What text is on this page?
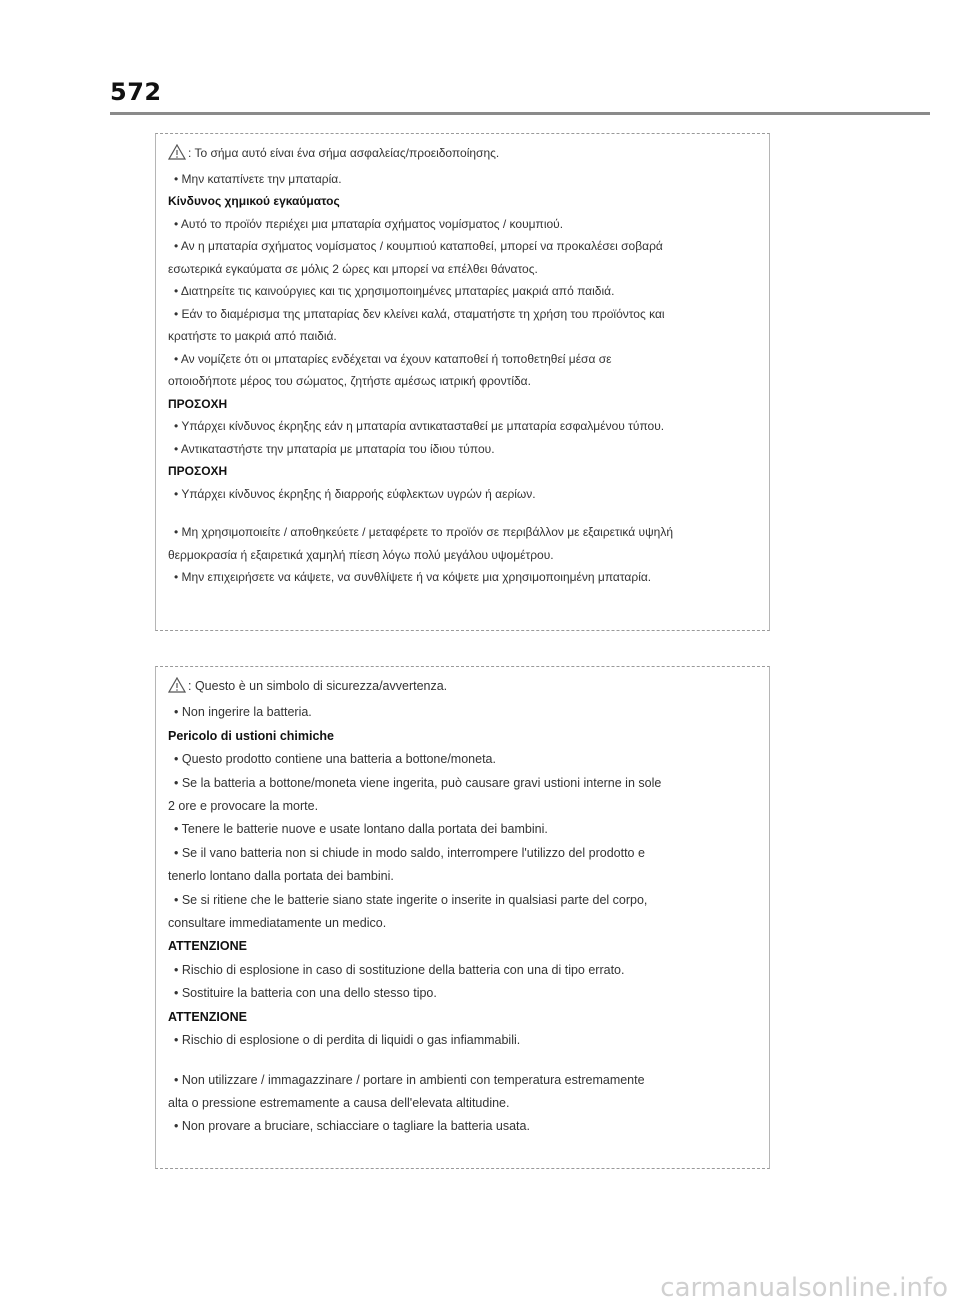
572
: Το σήμα αυτό είναι ένα σήμα ασφαλείας/προειδοποίησης.
• Μην καταπίνετε την μπαταρία.
Κίνδυνος χημικού εγκαύματος
• Αυτό το προϊόν περιέχει μια μπαταρία σχήματος νομίσματος / κουμπιού.
• Αν η μπαταρία σχήματος νομίσματος / κουμπιού καταποθεί, μπορεί να προκαλέσει σοβαρά
εσωτερικά εγκαύματα σε μόλις 2 ώρες και μπορεί να επέλθει θάνατος.
• Διατηρείτε τις καινούργιες και τις χρησιμοποιημένες μπαταρίες μακριά από παιδιά.
• Εάν το διαμέρισμα της μπαταρίας δεν κλείνει καλά, σταματήστε τη χρήση του προϊόντος και
κρατήστε το μακριά από παιδιά.
• Αν νομίζετε ότι οι μπαταρίες ενδέχεται να έχουν καταποθεί ή τοποθετηθεί μέσα σε
οποιοδήποτε μέρος του σώματος, ζητήστε αμέσως ιατρική φροντίδα.
ΠΡΟΣΟΧΗ
• Υπάρχει κίνδυνος έκρηξης εάν η μπαταρία αντικατασταθεί με μπαταρία εσφαλμένου τύπου.
• Αντικαταστήστε την μπαταρία με μπαταρία του ίδιου τύπου.
ΠΡΟΣΟΧΗ
• Υπάρχει κίνδυνος έκρηξης ή διαρροής εύφλεκτων υγρών ή αερίων.
• Μη χρησιμοποιείτε / αποθηκεύετε / μεταφέρετε το προϊόν σε περιβάλλον με εξαιρετικά υψηλή
θερμοκρασία ή εξαιρετικά χαμηλή πίεση λόγω πολύ μεγάλου υψομέτρου.
• Μην επιχειρήσετε να κάψετε, να συνθλίψετε ή να κόψετε μια χρησιμοποιημένη μπαταρία.
: Questo è un simbolo di sicurezza/avvertenza.
• Non ingerire la batteria.
Pericolo di ustioni chimiche
• Questo prodotto contiene una batteria a bottone/moneta.
• Se la batteria a bottone/moneta viene ingerita, può causare gravi ustioni interne in sole
2 ore e provocare la morte.
• Tenere le batterie nuove e usate lontano dalla portata dei bambini.
• Se il vano batteria non si chiude in modo saldo, interrompere l'utilizzo del prodotto e
tenerlo lontano dalla portata dei bambini.
• Se si ritiene che le batterie siano state ingerite o inserite in qualsiasi parte del corpo,
consultare immediatamente un medico.
ATTENZIONE
• Rischio di esplosione in caso di sostituzione della batteria con una di tipo errato.
• Sostituire la batteria con una dello stesso tipo.
ATTENZIONE
• Rischio di esplosione o di perdita di liquidi o gas infiammabili.
• Non utilizzare / immagazzinare / portare in ambienti con temperatura estremamente
alta o pressione estremamente a causa dell'elevata altitudine.
• Non provare a bruciare, schiacciare o tagliare la batteria usata.
carmanualsonline.info
